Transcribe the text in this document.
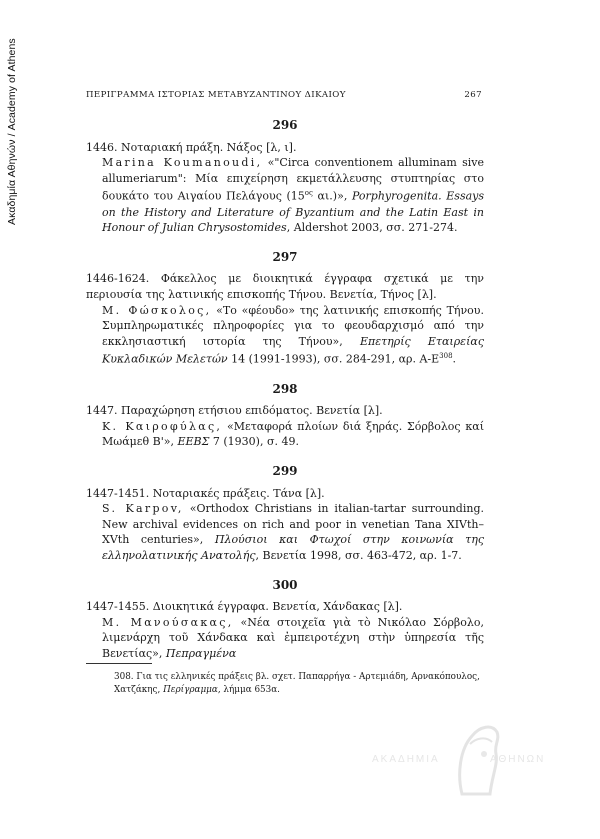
Ακαδημία Αθηνών / Academy of Athens	ΠΕΡΙΓΡΑΜΜΑ ΙΣΤΟΡΙΑΣ ΜΕΤΑΒΥΖΑΝΤΙΝΟΥ ΔΙΚΑΙΟΥ	267
296

1446. Νοταριακή πράξη. Νάξος [λ, ι].

Marina Koumanoudi, «"Circa conventionem alluminam sive allumeriarum": Μία επιχείρηση εκμετάλλευσης στυπτηρίας στο δουκάτο του Αιγαίου Πελάγους ($15^{o\varsigma}$ αι.)», Porphyrogenita. Essays on the History and Literature of Byzantium and the Latin East in Honour of Julian Chrysostomides, Aldershot 2003, σσ. 271-274.

297

1446-1624. Φάκελλος με διοικητικά έγγραφα σχετικά με την περιουσία της λατινικής επισκοπής Τήνου. Βενετία, Τήνος [λ].

Μ. Φώσκολος, «Το «φέουδο» της λατινικής επισκοπής Τήνου. Συμπληρωματικές πληροφορίες για το φεουδαρχισμό από την εκκλησιαστική ιστορία της Τήνου», Επετηρίς Εταιρείας Κυκλαδικών Μελετών 14 (1991-1993), σσ. 284-291, αρ. $A-E^{308}$.

298

1447. Παραχώρηση ετήσιου επιδόματος. Βενετία [λ].

Κ. Καιροφύλας, «Μεταφορά πλοίων διά ξηράς. Σόρβολος καί Μωάμεθ Β'», ΕΕΒΣ 7 (1930), σ. 49.

299

1447-1451. Νοταριακές πράξεις. Τάνα [λ].

S. Karpov, «Orthodox Christians in italian-tartar surrounding. New archival evidences on rich and poor in venetian Tana XIVth–XVth centuries», Πλούσιοι και Φτωχοί στην κοινωνία της ελληνολατινικής Ανατολής, Βενετία 1998, σσ. 463-472, αρ. 1-7.

300

1447-1455. Διοικητικά έγγραφα. Βενετία, Χάνδακας [λ].

Μ. Μανούσακας, «Νέα στοιχεῖα γιὰ τὸ Νικόλαο Σόρβολο, λιμενάρχη τοῦ Χάνδακα καὶ ἐμπειροτέχνη στὴν ὑπηρεσία τῆς Βενετίας», Πεπραγμένα

308. Για τις ελληνικές πράξεις βλ. σχετ. Παπαρρήγα - Αρτεμιάδη, Αρνακόπουλος, Χατζάκης, Περίγραμμα, λήμμα 653α.
ΑΚΑΔΗΜΙΑ	ΑΘΗΝΩΝ
